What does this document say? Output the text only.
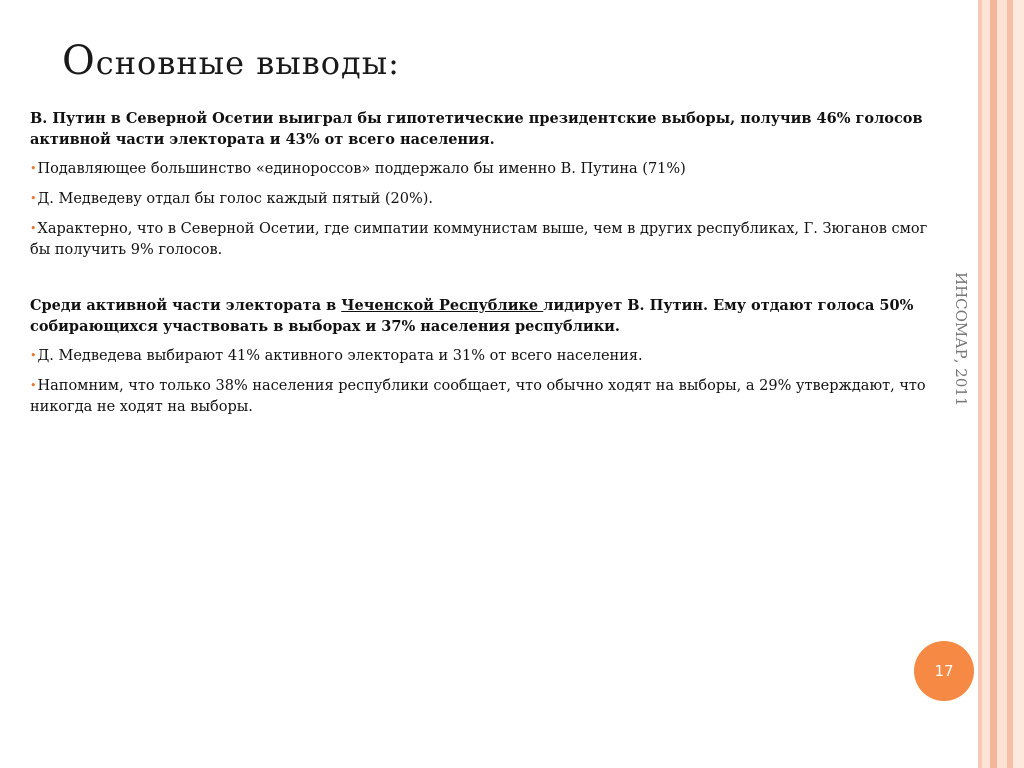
Основные выводы:

В. Путин в Северной Осетии выиграл бы гипотетические президентские выборы, получив 46% голосов активной части электората и 43% от всего населения.

•Подавляющее большинство «единороссов» поддержало бы именно В. Путина (71%)

•Д. Медведеву отдал бы голос каждый пятый (20%).

•Характерно, что в Северной Осетии, где симпатии коммунистам выше, чем в других республиках, Г. Зюганов смог бы получить 9% голосов.

Среди активной части электората в Чеченской Республике лидирует В. Путин. Ему отдают голоса 50% собирающихся участвовать в выборах и 37% населения республики.

•Д. Медведева выбирают 41% активного электората и 31% от всего населения.

•Напомним, что только 38% населения республики сообщает, что обычно ходят на выборы, а 29% утверждают, что никогда не ходят на выборы.

ИНСОМАР, 2011
17
